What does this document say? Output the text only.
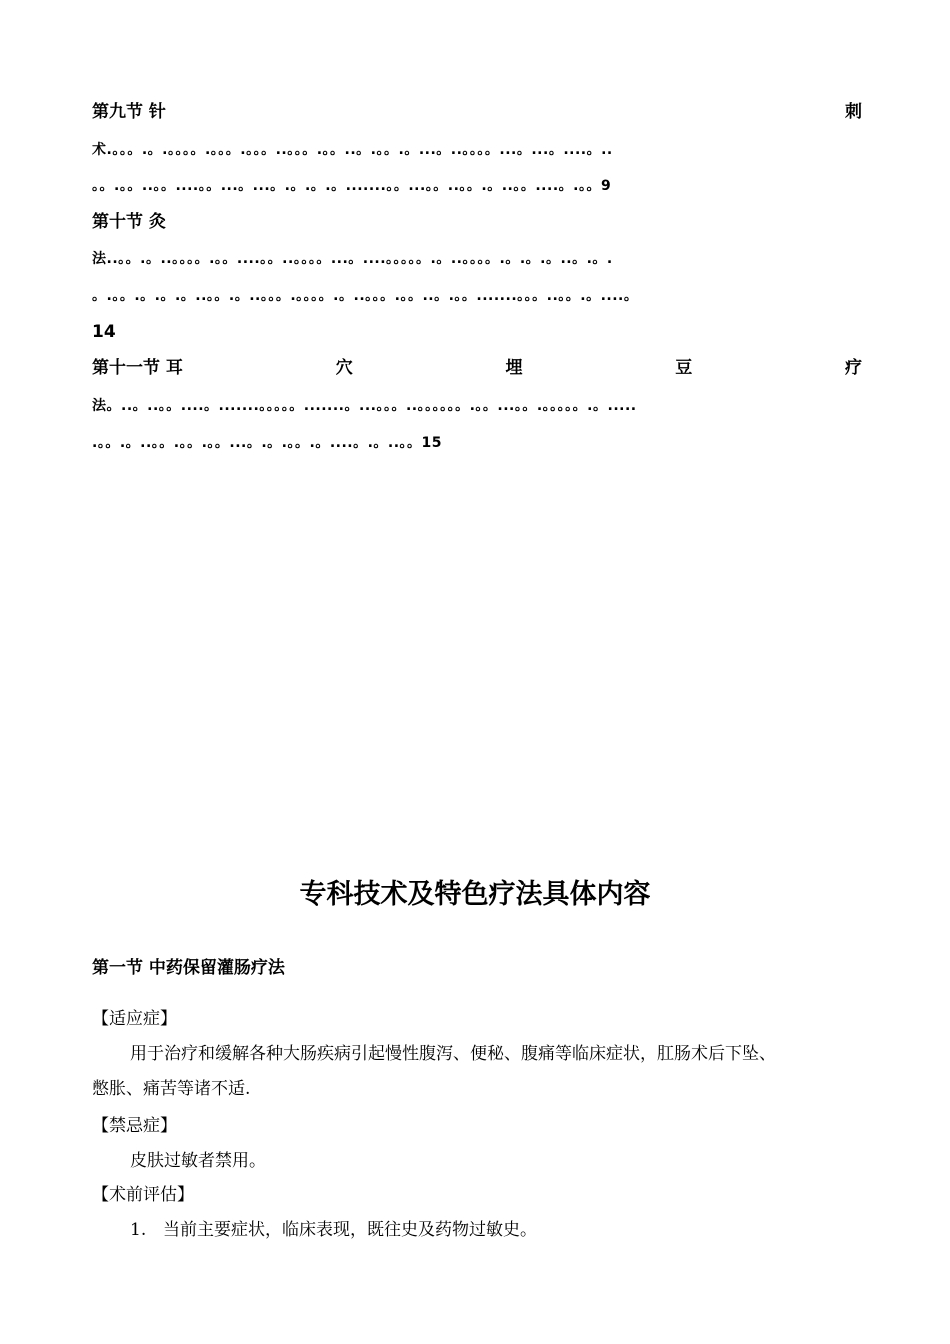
第九节 针	刺
术.。。。.。.。。。。.。。。.。。。..。。。.。。..。.。。.。...。..。。。。...。...。....。..
。。.。。..。。....。。...。...。.。.。.。.......。。...。。..。。.。..。。....。.。。9
第十节 灸
法..。。.。..。。。。.。。....。。..。。。。...。....。。。。。.。..。。。。.。.。.。..。.。.
。.。。.。.。.。..。。.。..。。。.。。。。.。..。。。.。。..。.。。.......。。。..。。.。....。
14
第十一节 耳	穴	埋	豆	疗
法。..。..。。....。.......。。。。。.......。...。。。..。。。。。。.。。...。。.。。。。。.。.....
.。。.。..。。.。。.。。...。.。.。。.。....。.。..。。15
专科技术及特色疗法具体内容
第一节 中药保留灌肠疗法
【适应症】
用于治疗和缓解各种大肠疾病引起慢性腹泻、便秘、腹痛等临床症状，肛肠术后下坠、
憋胀、痛苦等诸不适.
【禁忌症】
皮肤过敏者禁用。
【术前评估】
1. 当前主要症状，临床表现，既往史及药物过敏史。
